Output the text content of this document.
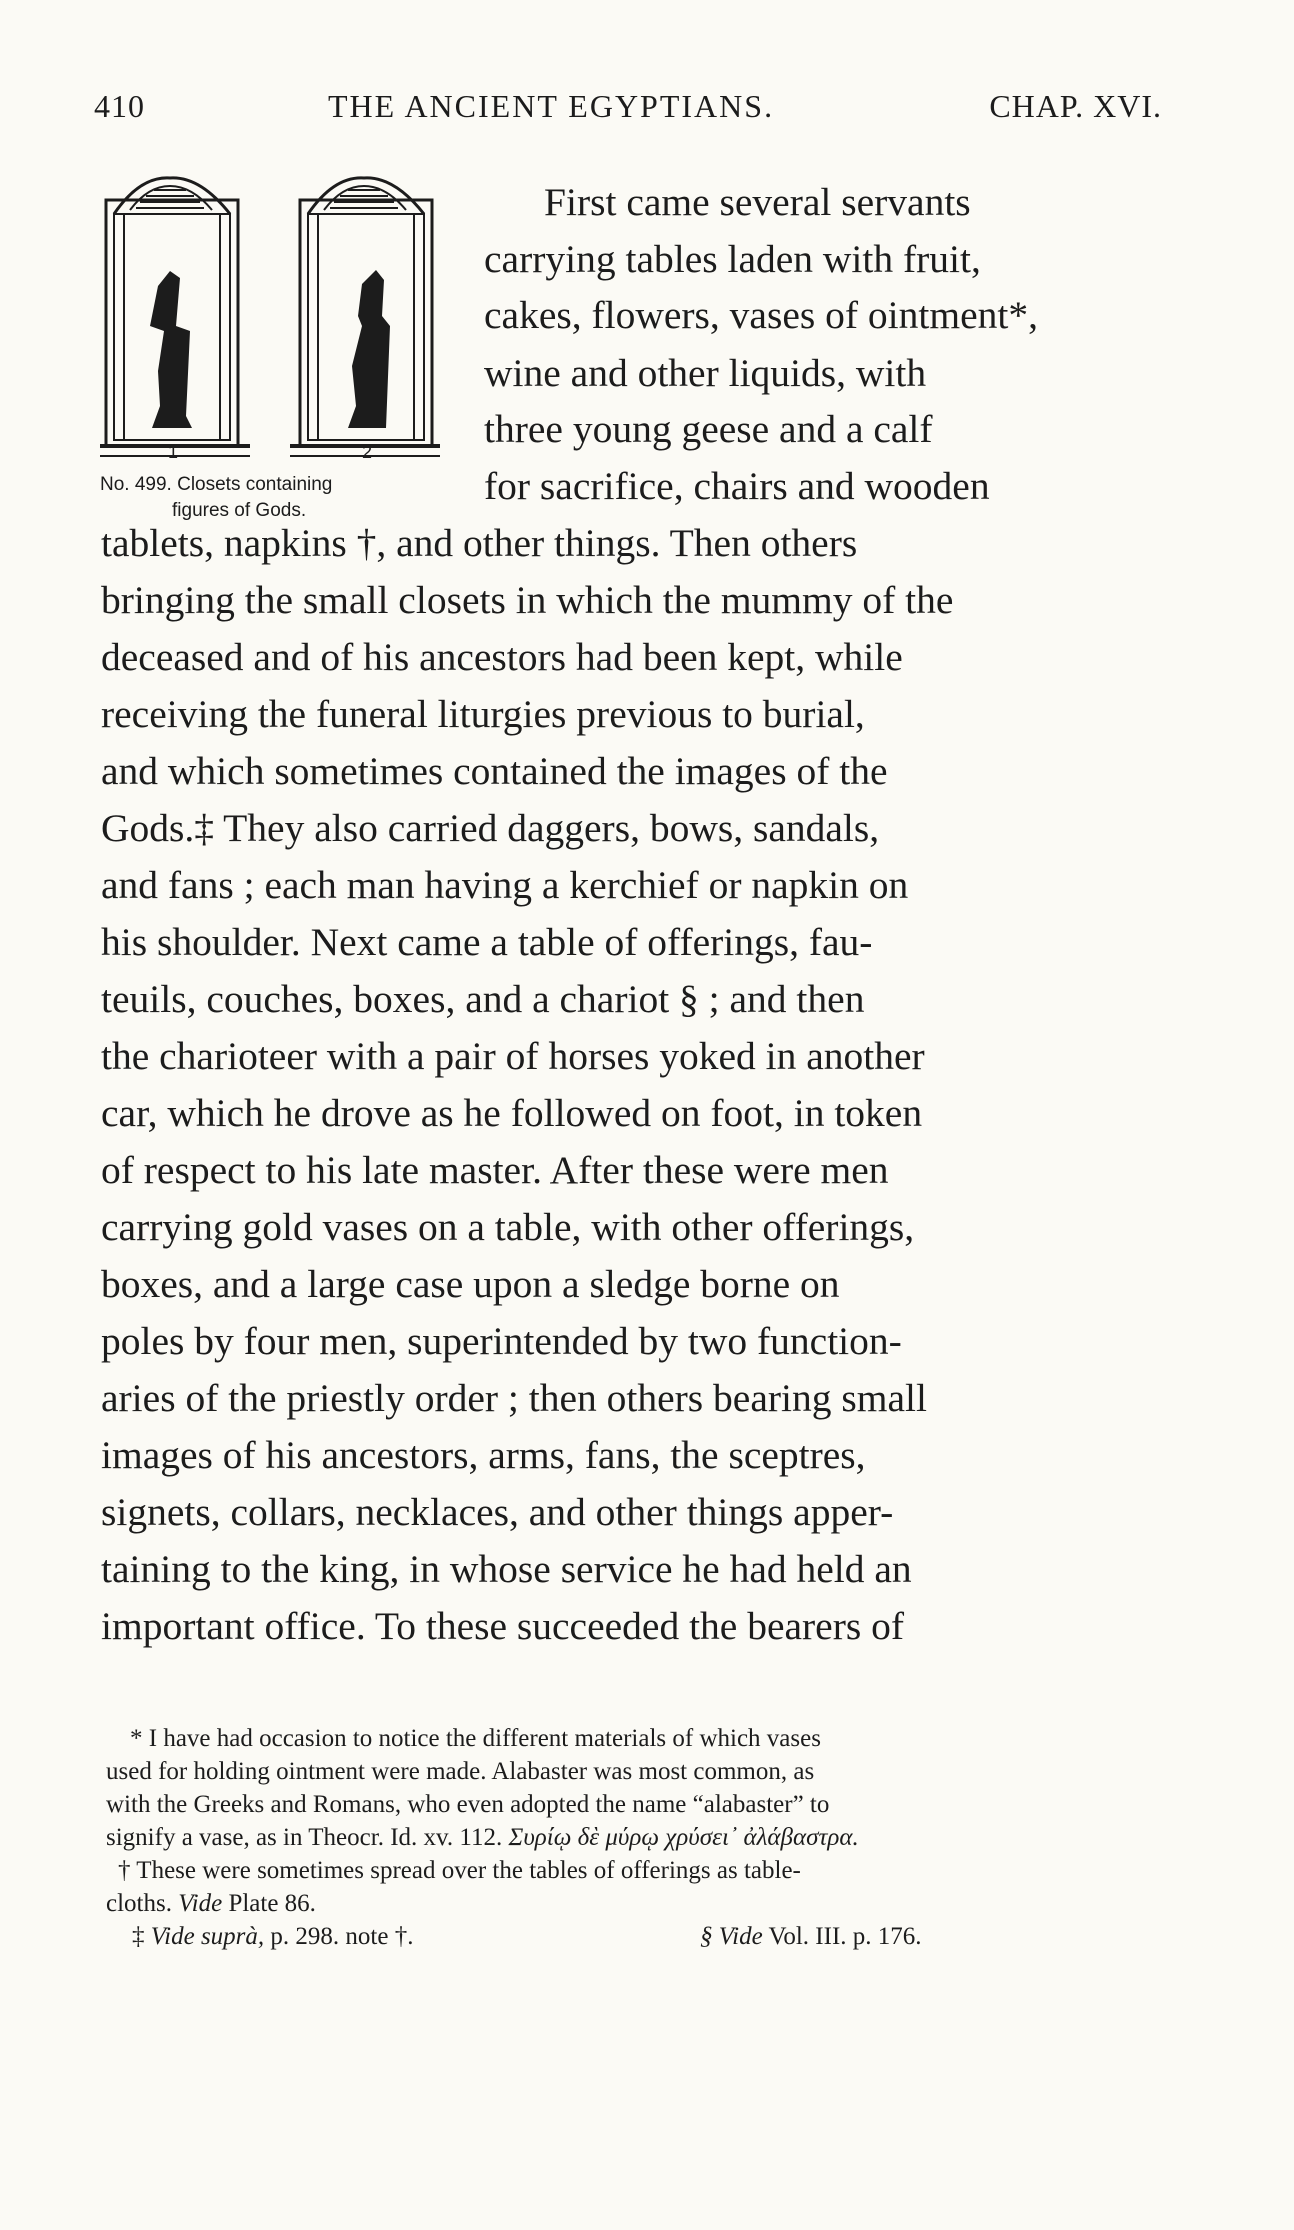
410	THE ANCIENT EGYPTIANS.	CHAP. XVI.
1	2
No. 499. Closets containing
figures of Gods.
First came several servants
carrying tables laden with fruit,
cakes, flowers, vases of ointment*,
wine and other liquids, with
three young geese and a calf
for sacrifice, chairs and wooden
tablets, napkins †, and other things. Then others
bringing the small closets in which the mummy of the
deceased and of his ancestors had been kept, while
receiving the funeral liturgies previous to burial,
and which sometimes contained the images of the
Gods.‡ They also carried daggers, bows, sandals,
and fans ; each man having a kerchief or napkin on
his shoulder. Next came a table of offerings, fau-
teuils, couches, boxes, and a chariot § ; and then
the charioteer with a pair of horses yoked in another
car, which he drove as he followed on foot, in token
of respect to his late master. After these were men
carrying gold vases on a table, with other offerings,
boxes, and a large case upon a sledge borne on
poles by four men, superintended by two function-
aries of the priestly order ; then others bearing small
images of his ancestors, arms, fans, the sceptres,
signets, collars, necklaces, and other things apper-
taining to the king, in whose service he had held an
important office. To these succeeded the bearers of
* I have had occasion to notice the different materials of which vases
used for holding ointment were made. Alabaster was most common, as
with the Greeks and Romans, who even adopted the name “alabaster” to
signify a vase, as in Theocr. Id. xv. 112. Συρίῳ δὲ μύρῳ χρύσει᾽ ἀλάβαστρα.
† These were sometimes spread over the tables of offerings as table-
cloths. Vide Plate 86.
‡ Vide suprà, p. 298. note †.	§ Vide Vol. III. p. 176.
